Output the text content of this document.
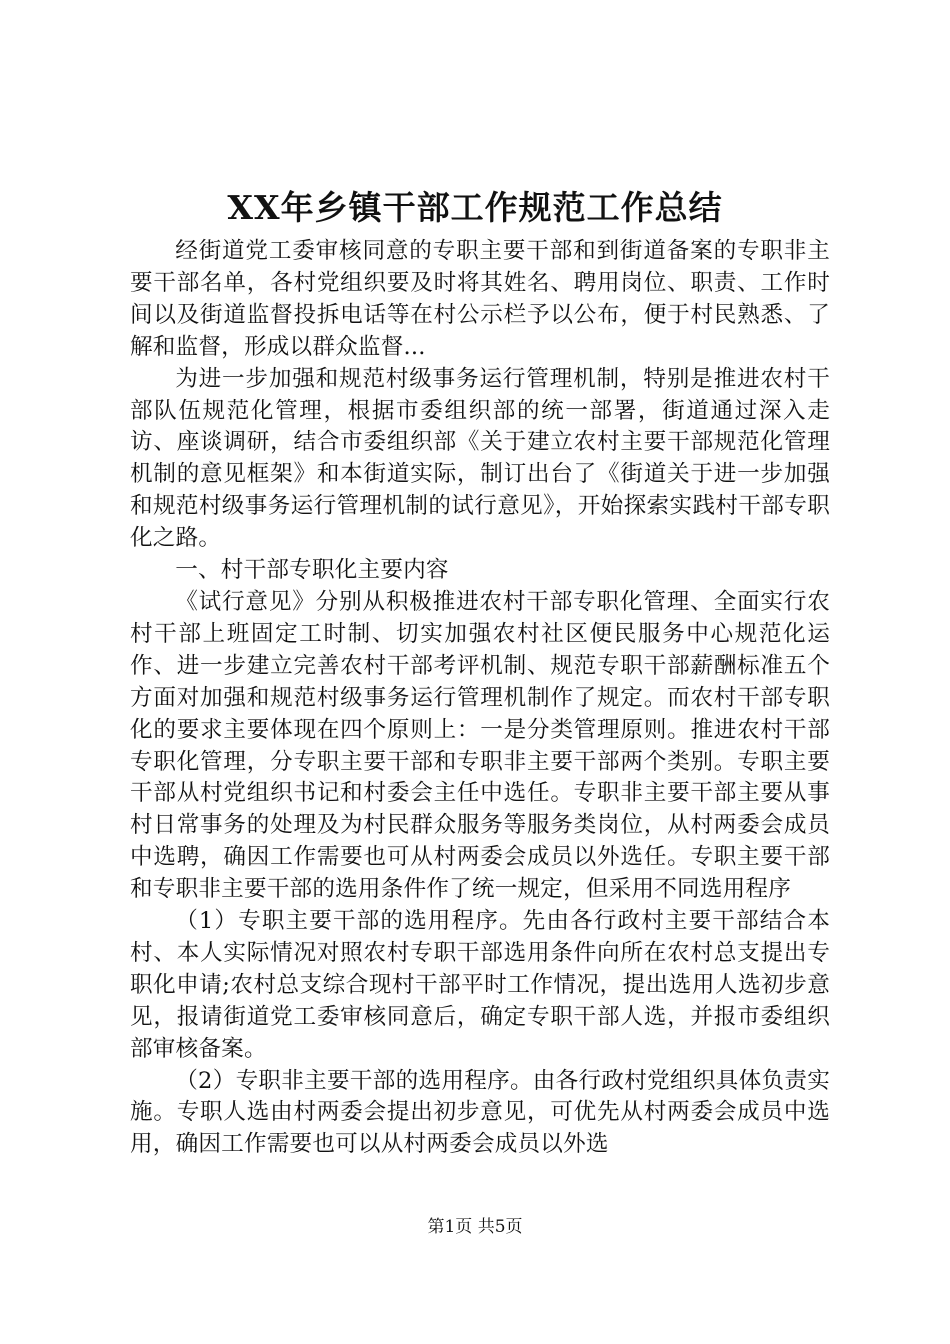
XX年乡镇干部工作规范工作总结

经街道党工委审核同意的专职主要干部和到街道备案的专职非主要干部名单，各村党组织要及时将其姓名、聘用岗位、职责、工作时间以及街道监督投拆电话等在村公示栏予以公布，便于村民熟悉、了解和监督，形成以群众监督...

为进一步加强和规范村级事务运行管理机制，特别是推进农村干部队伍规范化管理，根据市委组织部的统一部署，街道通过深入走访、座谈调研，结合市委组织部《关于建立农村主要干部规范化管理机制的意见框架》和本街道实际，制订出台了《街道关于进一步加强和规范村级事务运行管理机制的试行意见》，开始探索实践村干部专职化之路。

一、村干部专职化主要内容

《试行意见》分别从积极推进农村干部专职化管理、全面实行农村干部上班固定工时制、切实加强农村社区便民服务中心规范化运作、进一步建立完善农村干部考评机制、规范专职干部薪酬标准五个方面对加强和规范村级事务运行管理机制作了规定。而农村干部专职化的要求主要体现在四个原则上：一是分类管理原则。推进农村干部专职化管理，分专职主要干部和专职非主要干部两个类别。专职主要干部从村党组织书记和村委会主任中选任。专职非主要干部主要从事村日常事务的处理及为村民群众服务等服务类岗位，从村两委会成员中选聘，确因工作需要也可从村两委会成员以外选任。专职主要干部和专职非主要干部的选用条件作了统一规定，但采用不同选用程序

（1）专职主要干部的选用程序。先由各行政村主要干部结合本村、本人实际情况对照农村专职干部选用条件向所在农村总支提出专职化申请;农村总支综合现村干部平时工作情况，提出选用人选初步意见，报请街道党工委审核同意后，确定专职干部人选，并报市委组织部审核备案。

（2）专职非主要干部的选用程序。由各行政村党组织具体负责实施。专职人选由村两委会提出初步意见，可优先从村两委会成员中选用，确因工作需要也可以从村两委会成员以外选

第1页 共5页
